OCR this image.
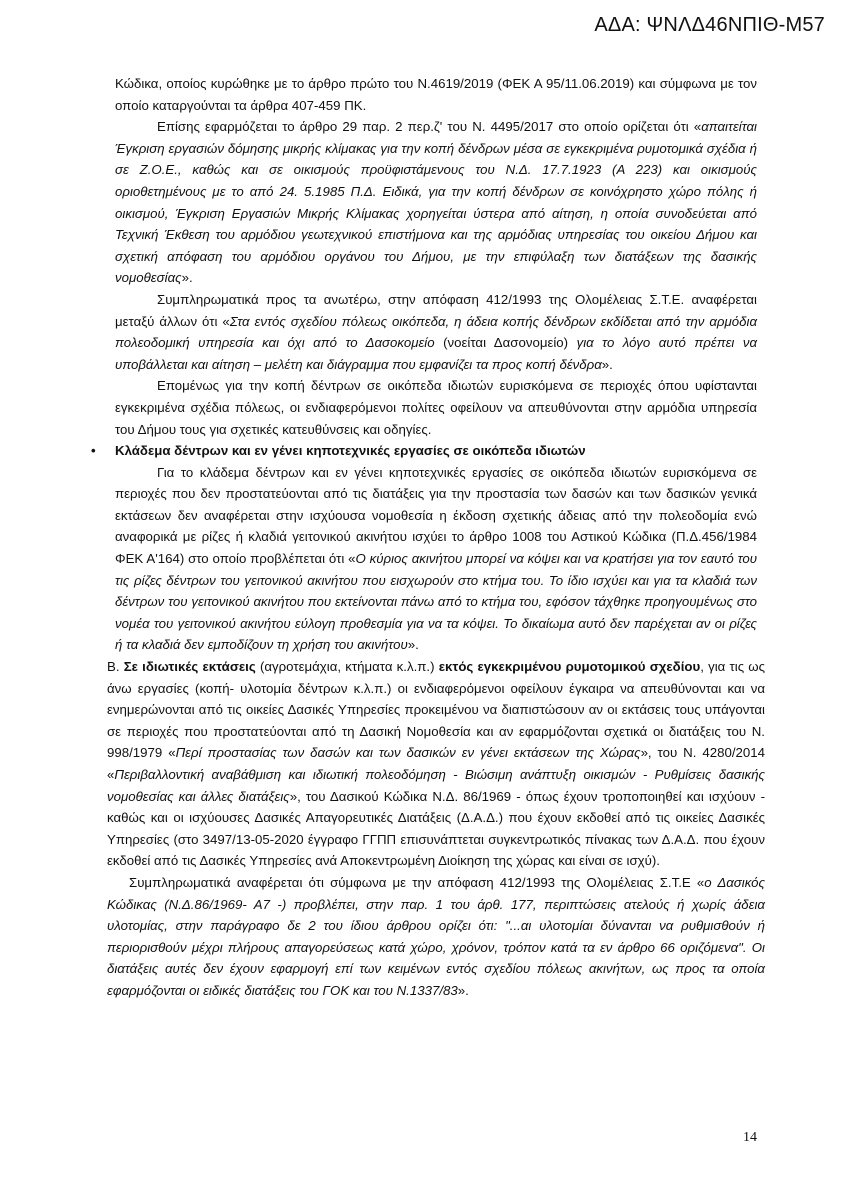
ΑΔΑ: ΨΝΛΔ46ΝΠΙΘ-Μ57

Κώδικα, οποίος κυρώθηκε με το άρθρο πρώτο του Ν.4619/2019 (ΦΕΚ Α 95/11.06.2019) και σύμφωνα με τον οποίο καταργούνται τα άρθρα 407-459 ΠΚ.

Επίσης εφαρμόζεται το άρθρο 29 παρ. 2 περ.ζ' του Ν. 4495/2017 στο οποίο ορίζεται ότι «απαιτείται Έγκριση εργασιών δόμησης μικρής κλίμακας για την κοπή δένδρων μέσα σε εγκεκριμένα ρυμοτομικά σχέδια ή σε Ζ.Ο.Ε., καθώς και σε οικισμούς προϋφιστάμενους του Ν.Δ. 17.7.1923 (Α 223) και οικισμούς οριοθετημένους με το από 24. 5.1985 Π.Δ. Ειδικά, για την κοπή δένδρων σε κοινόχρηστο χώρο πόλης ή οικισμού, Έγκριση Εργασιών Μικρής Κλίμακας χορηγείται ύστερα από αίτηση, η οποία συνοδεύεται από Τεχνική Έκθεση του αρμόδιου γεωτεχνικού επιστήμονα και της αρμόδιας υπηρεσίας του οικείου Δήμου και σχετική απόφαση του αρμόδιου οργάνου του Δήμου, με την επιφύλαξη των διατάξεων της δασικής νομοθεσίας».

Συμπληρωματικά προς τα ανωτέρω, στην απόφαση 412/1993 της Ολομέλειας Σ.Τ.Ε. αναφέρεται μεταξύ άλλων ότι «Στα εντός σχεδίου πόλεως οικόπεδα, η άδεια κοπής δένδρων εκδίδεται από την αρμόδια πολεοδομική υπηρεσία και όχι από το Δασοκομείο (νοείται Δασονομείο) για το λόγο αυτό πρέπει να υποβάλλεται και αίτηση – μελέτη και διάγραμμα που εμφανίζει τα προς κοπή δένδρα».

Επομένως για την κοπή δέντρων σε οικόπεδα ιδιωτών ευρισκόμενα σε περιοχές όπου υφίστανται εγκεκριμένα σχέδια πόλεως, οι ενδιαφερόμενοι πολίτες οφείλουν να απευθύνονται στην αρμόδια υπηρεσία του Δήμου τους για σχετικές κατευθύνσεις και οδηγίες.

• Κλάδεμα δέντρων και εν γένει κηποτεχνικές εργασίες σε οικόπεδα ιδιωτών

Για το κλάδεμα δέντρων και εν γένει κηποτεχνικές εργασίες σε οικόπεδα ιδιωτών ευρισκόμενα σε περιοχές που δεν προστατεύονται από τις διατάξεις για την προστασία των δασών και των δασικών γενικά εκτάσεων δεν αναφέρεται στην ισχύουσα νομοθεσία η έκδοση σχετικής άδειας από την πολεοδομία ενώ αναφορικά με ρίζες ή κλαδιά γειτονικού ακινήτου ισχύει το άρθρο 1008 του Αστικού Κώδικα (Π.Δ.456/1984 ΦΕΚ Α'164) στο οποίο προβλέπεται ότι «Ο κύριος ακινήτου μπορεί να κόψει και να κρατήσει για τον εαυτό του τις ρίζες δέντρων του γειτονικού ακινήτου που εισχωρούν στο κτήμα του. Το ίδιο ισχύει και για τα κλαδιά των δέντρων του γειτονικού ακινήτου που εκτείνονται πάνω από το κτήμα του, εφόσον τάχθηκε προηγουμένως στο νομέα του γειτονικού ακινήτου εύλογη προθεσμία για να τα κόψει. Το δικαίωμα αυτό δεν παρέχεται αν οι ρίζες ή τα κλαδιά δεν εμποδίζουν τη χρήση του ακινήτου».

Β. Σε ιδιωτικές εκτάσεις (αγροτεμάχια, κτήματα κ.λ.π.) εκτός εγκεκριμένου ρυμοτομικού σχεδίου, για τις ως άνω εργασίες (κοπή- υλοτομία δέντρων κ.λ.π.) οι ενδιαφερόμενοι οφείλουν έγκαιρα να απευθύνονται και να ενημερώνονται από τις οικείες Δασικές Υπηρεσίες προκειμένου να διαπιστώσουν αν οι εκτάσεις τους υπάγονται σε περιοχές που προστατεύονται από τη Δασική Νομοθεσία και αν εφαρμόζονται σχετικά οι διατάξεις του Ν. 998/1979 «Περί προστασίας των δασών και των δασικών εν γένει εκτάσεων της Χώρας», του Ν. 4280/2014 «Περιβαλλοντική αναβάθμιση και ιδιωτική πολεοδόμηση - Βιώσιμη ανάπτυξη οικισμών - Ρυθμίσεις δασικής νομοθεσίας και άλλες διατάξεις», του Δασικού Κώδικα Ν.Δ. 86/1969 - όπως έχουν τροποποιηθεί και ισχύουν - καθώς και οι ισχύουσες Δασικές Απαγορευτικές Διατάξεις (Δ.Α.Δ.) που έχουν εκδοθεί από τις οικείες Δασικές Υπηρεσίες (στο 3497/13-05-2020 έγγραφο ΓΓΠΠ επισυνάπτεται συγκεντρωτικός πίνακας των Δ.Α.Δ. που έχουν εκδοθεί από τις Δασικές Υπηρεσίες ανά Αποκεντρωμένη Διοίκηση της χώρας και είναι σε ισχύ).

Συμπληρωματικά αναφέρεται ότι σύμφωνα με την απόφαση 412/1993 της Ολομέλειας Σ.Τ.Ε «ο Δασικός Κώδικας (Ν.Δ.86/1969- Α7 -) προβλέπει, στην παρ. 1 του άρθ. 177, περιπτώσεις ατελούς ή χωρίς άδεια υλοτομίας, στην παράγραφο δε 2 του ίδιου άρθρου ορίζει ότι: "...αι υλοτομίαι δύνανται να ρυθμισθούν ή περιορισθούν μέχρι πλήρους απαγορεύσεως κατά χώρο, χρόνον, τρόπον κατά τα εν άρθρο 66 οριζόμενα". Οι διατάξεις αυτές δεν έχουν εφαρμογή επί των κειμένων εντός σχεδίου πόλεως ακινήτων, ως προς τα οποία εφαρμόζονται οι ειδικές διατάξεις του ΓΟΚ και του Ν.1337/83».

14
